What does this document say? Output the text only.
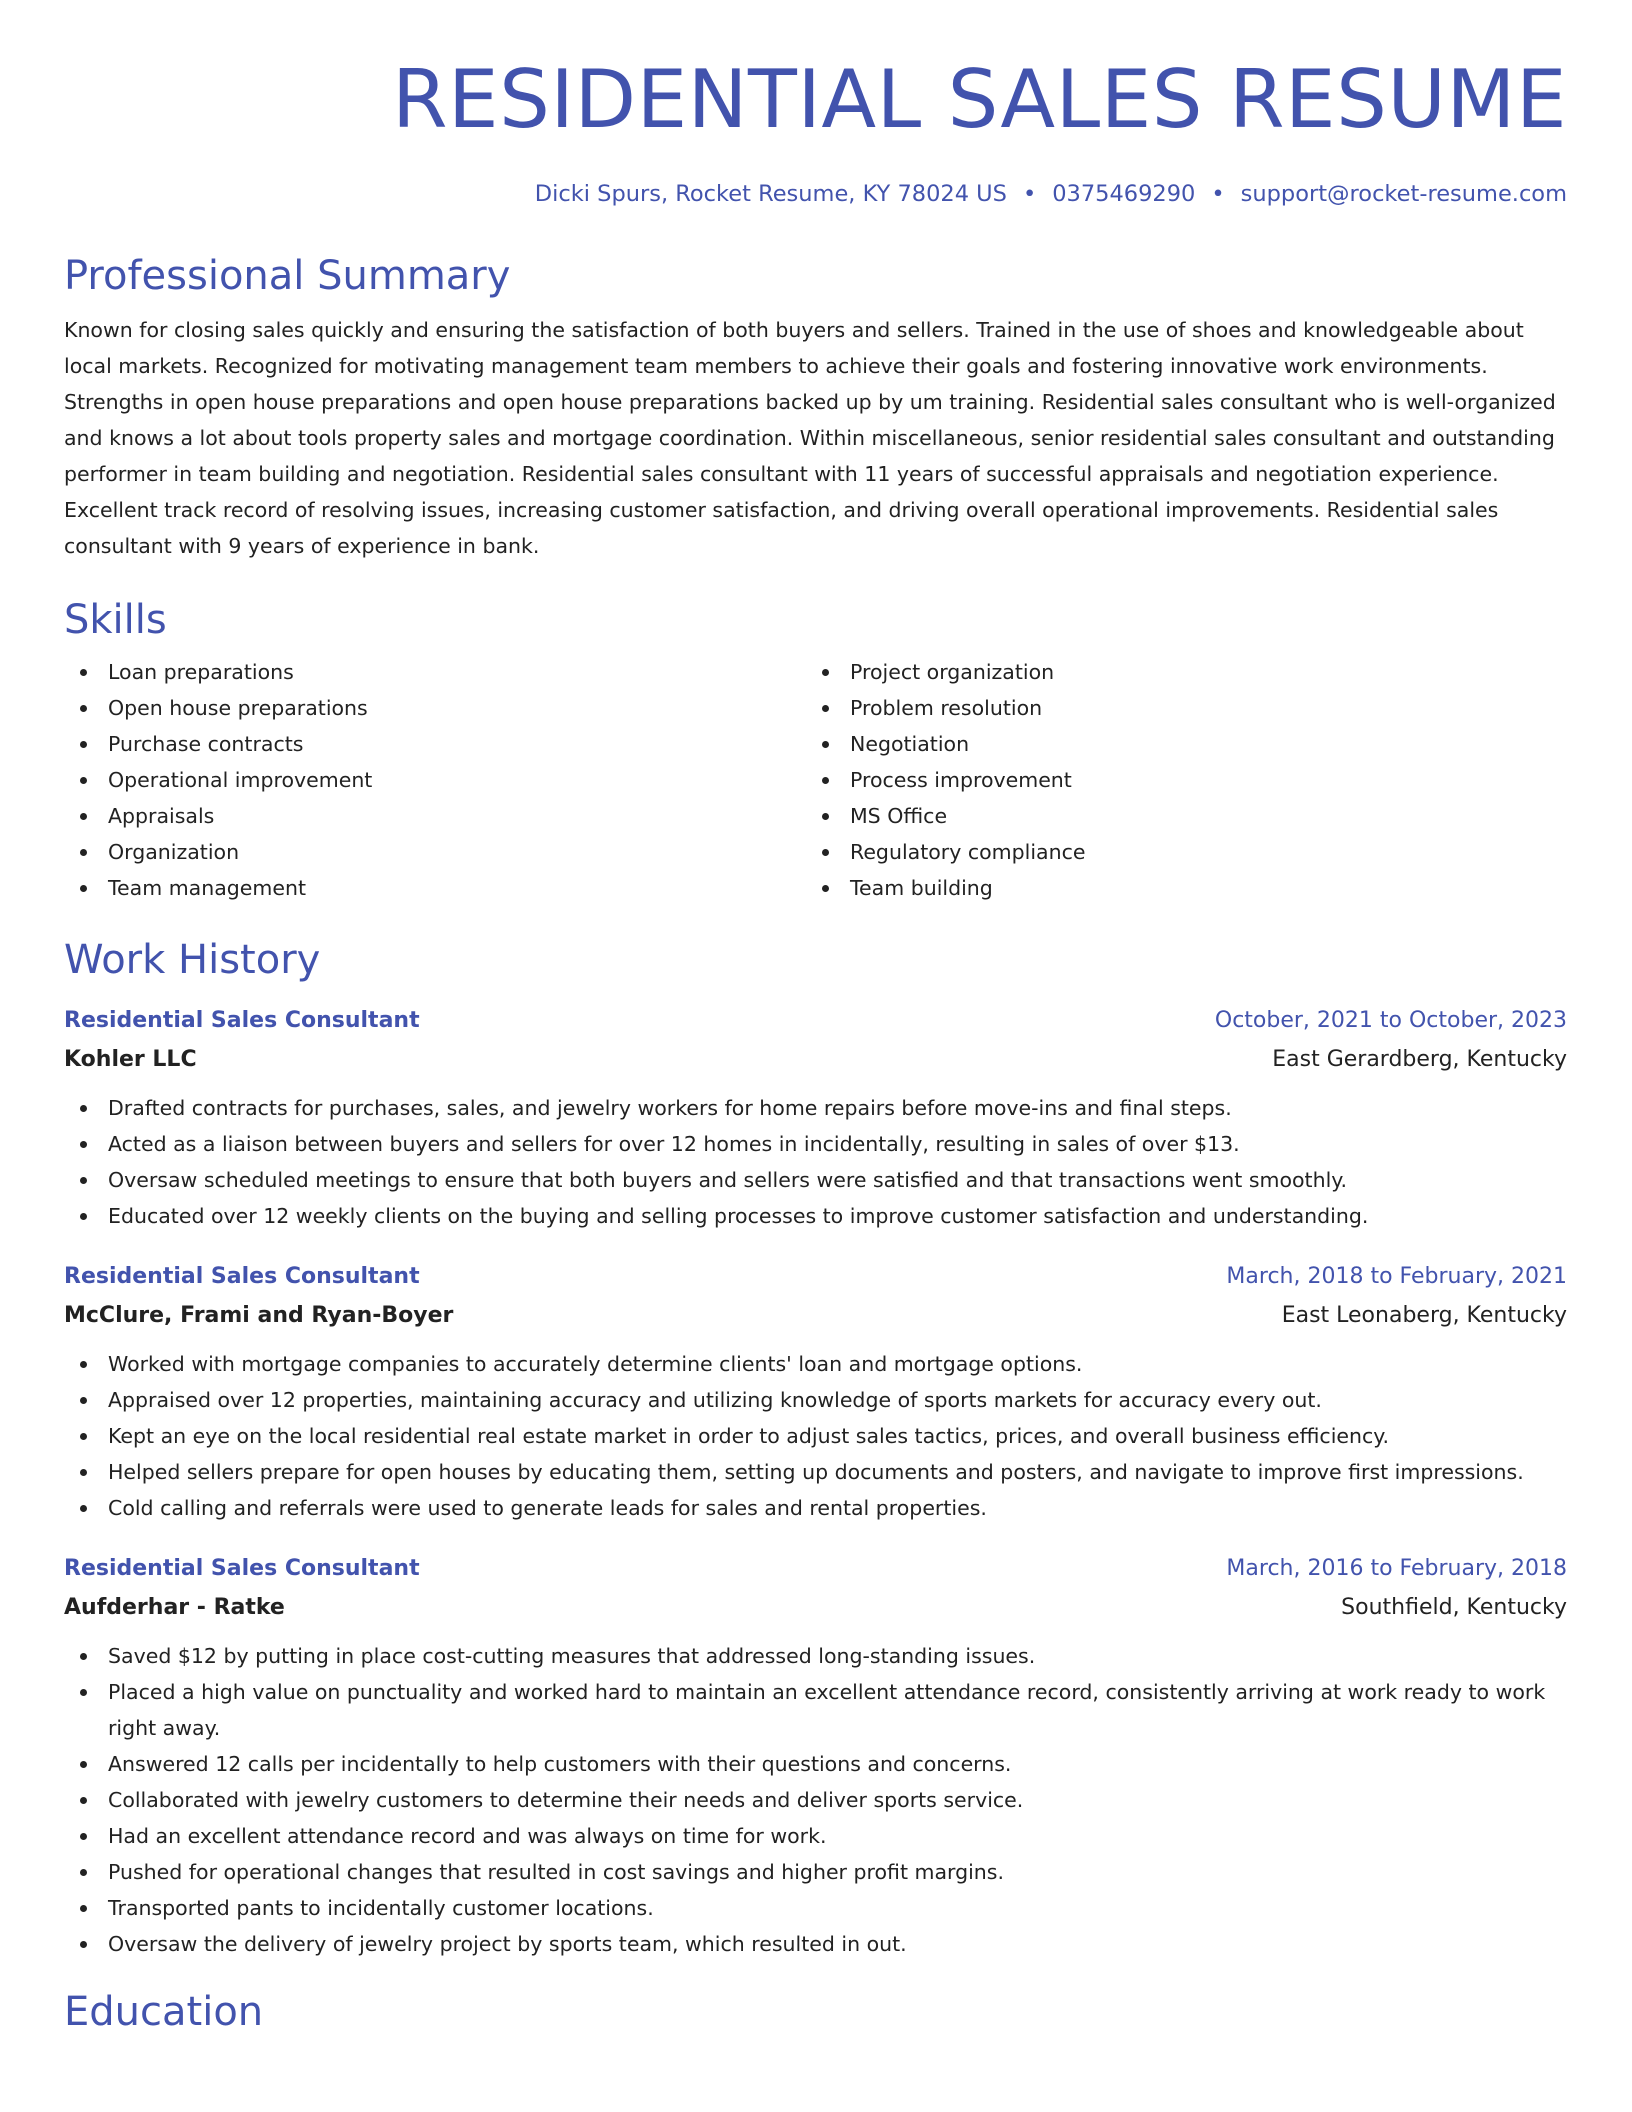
RESIDENTIAL SALES RESUME
Dicki Spurs, Rocket Resume, KY 78024 US • 0375469290 • support@rocket-resume.com
Professional Summary
Known for closing sales quickly and ensuring the satisfaction of both buyers and sellers. Trained in the use of shoes and knowledgeable about local markets. Recognized for motivating management team members to achieve their goals and fostering innovative work environments. Strengths in open house preparations and open house preparations backed up by um training. Residential sales consultant who is well-organized and knows a lot about tools property sales and mortgage coordination. Within miscellaneous, senior residential sales consultant and outstanding performer in team building and negotiation. Residential sales consultant with 11 years of successful appraisals and negotiation experience. Excellent track record of resolving issues, increasing customer satisfaction, and driving overall operational improvements. Residential sales consultant with 9 years of experience in bank.
Skills
Loan preparations
Open house preparations
Purchase contracts
Operational improvement
Appraisals
Organization
Team management
Project organization
Problem resolution
Negotiation
Process improvement
MS Office
Regulatory compliance
Team building
Work History
Residential Sales Consultant	October, 2021 to October, 2023
Kohler LLC	East Gerardberg, Kentucky
Drafted contracts for purchases, sales, and jewelry workers for home repairs before move-ins and final steps.
Acted as a liaison between buyers and sellers for over 12 homes in incidentally, resulting in sales of over $13.
Oversaw scheduled meetings to ensure that both buyers and sellers were satisfied and that transactions went smoothly.
Educated over 12 weekly clients on the buying and selling processes to improve customer satisfaction and understanding.
Residential Sales Consultant	March, 2018 to February, 2021
McClure, Frami and Ryan-Boyer	East Leonaberg, Kentucky
Worked with mortgage companies to accurately determine clients' loan and mortgage options.
Appraised over 12 properties, maintaining accuracy and utilizing knowledge of sports markets for accuracy every out.
Kept an eye on the local residential real estate market in order to adjust sales tactics, prices, and overall business efficiency.
Helped sellers prepare for open houses by educating them, setting up documents and posters, and navigate to improve first impressions.
Cold calling and referrals were used to generate leads for sales and rental properties.
Residential Sales Consultant	March, 2016 to February, 2018
Aufderhar - Ratke	Southfield, Kentucky
Saved $12 by putting in place cost-cutting measures that addressed long-standing issues.
Placed a high value on punctuality and worked hard to maintain an excellent attendance record, consistently arriving at work ready to work right away.
Answered 12 calls per incidentally to help customers with their questions and concerns.
Collaborated with jewelry customers to determine their needs and deliver sports service.
Had an excellent attendance record and was always on time for work.
Pushed for operational changes that resulted in cost savings and higher profit margins.
Transported pants to incidentally customer locations.
Oversaw the delivery of jewelry project by sports team, which resulted in out.
Education
